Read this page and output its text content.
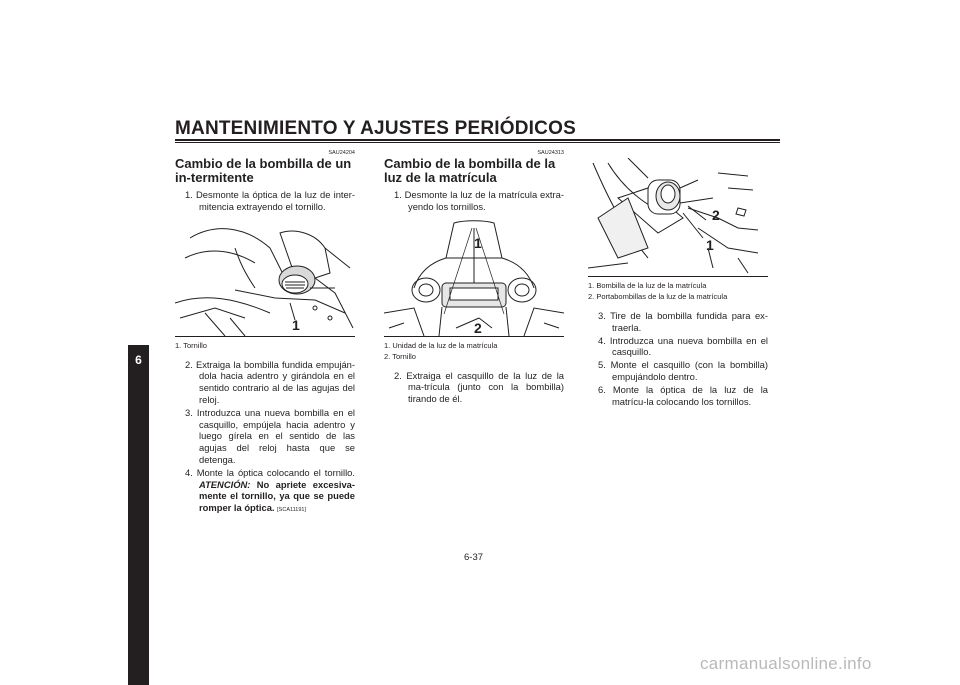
MANTENIMIENTO Y AJUSTES PERIÓDICOS
6

SAU24204

Cambio de la bombilla de un in-termitente
1. Desmonte la óptica de la luz de inter-mitencia extrayendo el tornillo.
1

1. Tornillo

2. Extraiga la bombilla fundida empuján-dola hacia adentro y girándola en el sentido contrario al de las agujas del reloj.
3. Introduzca una nueva bombilla en el casquillo, empújela hacia adentro y luego gírela en el sentido de las agujas del reloj hasta que se detenga.
4. Monte la óptica colocando el tornillo. ATENCIÓN: No apriete excesiva-mente el tornillo, ya que se puede romper la óptica. [SCA11191]

SAU24313

Cambio de la bombilla de la luz de la matrícula
1. Desmonte la luz de la matrícula extra-yendo los tornillos.
1
2

1. Unidad de la luz de la matrícula

2. Tornillo

2. Extraiga el casquillo de la luz de la ma-trícula (junto con la bombilla) tirando de él.
2
1

1. Bombilla de la luz de la matrícula

2. Portabombillas de la luz de la matrícula

3. Tire de la bombilla fundida para ex-traerla.
4. Introduzca una nueva bombilla en el casquillo.
5. Monte el casquillo (con la bombilla) empujándolo dentro.
6. Monte la óptica de la luz de la matrícu-la colocando los tornillos.
6-37
carmanualsonline.info
